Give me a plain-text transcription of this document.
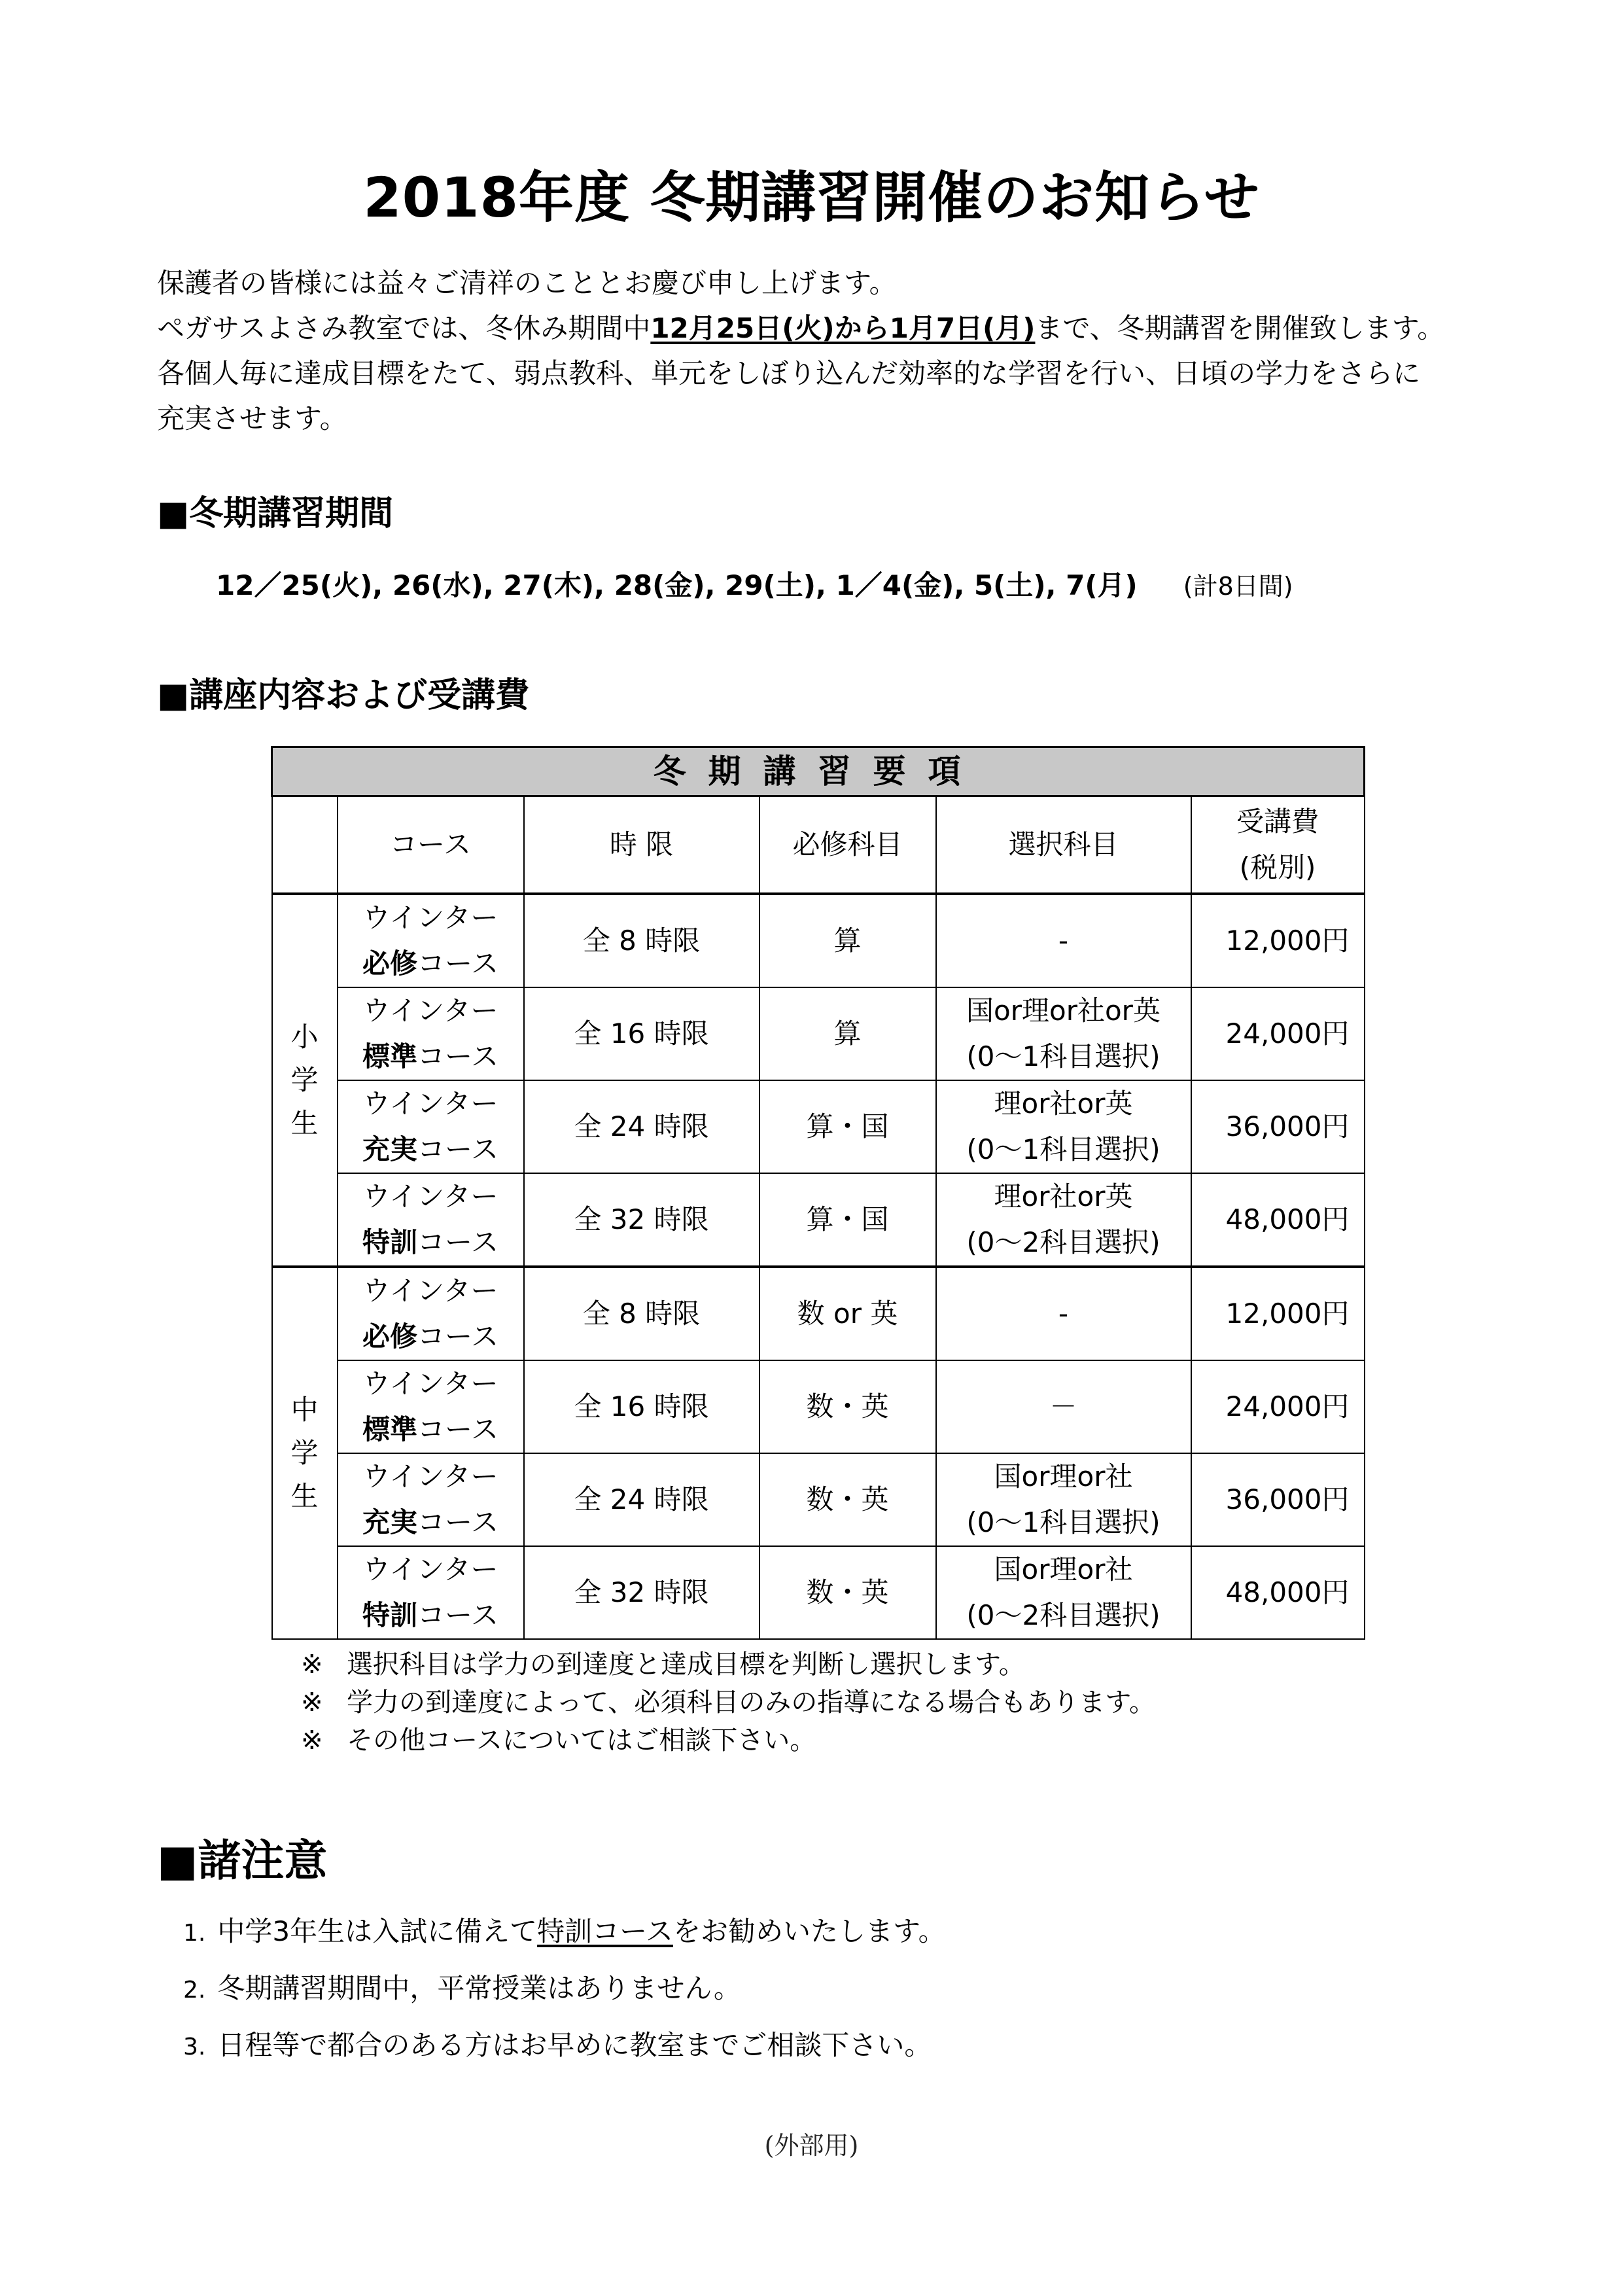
2018年度 冬期講習開催のお知らせ

保護者の皆様には益々ご清祥のこととお慶び申し上げます。

ペガサスよさみ教室では、冬休み期間中12月25日(火)から1月7日(月)まで、冬期講習を開催致します。

各個人毎に達成目標をたて、弱点教科、単元をしぼり込んだ効率的な学習を行い、日頃の学力をさらに

充実させます。

■冬期講習期間
12／25(火), 26(水), 27(木), 28(金), 29(土), 1／4(金), 5(土), 7(月) (計8日間)
■講座内容および受講費
冬期講習要項					
	コース	時 限	必修科目	選択科目	受講費
(税別)

小
学
生	ウインター
必修コース	全 8 時限	算	-	12,000円

	ウインター
標準コース	全 16 時限	算	国or理or社or英
(0～1科目選択)	24,000円

	ウインター
充実コース	全 24 時限	算・国	理or社or英
(0～1科目選択)	36,000円

	ウインター
特訓コース	全 32 時限	算・国	理or社or英
(0～2科目選択)	48,000円

中
学
生	ウインター
必修コース	全 8 時限	数 or 英	-	12,000円

	ウインター
標準コース	全 16 時限	数・英	－	24,000円

	ウインター
充実コース	全 24 時限	数・英	国or理or社
(0～1科目選択)	36,000円

	ウインター
特訓コース	全 32 時限	数・英	国or理or社
(0～2科目選択)	48,000円

※ 選択科目は学力の到達度と達成目標を判断し選択します。

※ 学力の到達度によって、必須科目のみの指導になる場合もあります。

※ その他コースについてはご相談下さい。

■諸注意

1. 中学3年生は入試に備えて特訓コースをお勧めいたします。

2. 冬期講習期間中，平常授業はありません。

3. 日程等で都合のある方はお早めに教室までご相談下さい。

(外部用)
